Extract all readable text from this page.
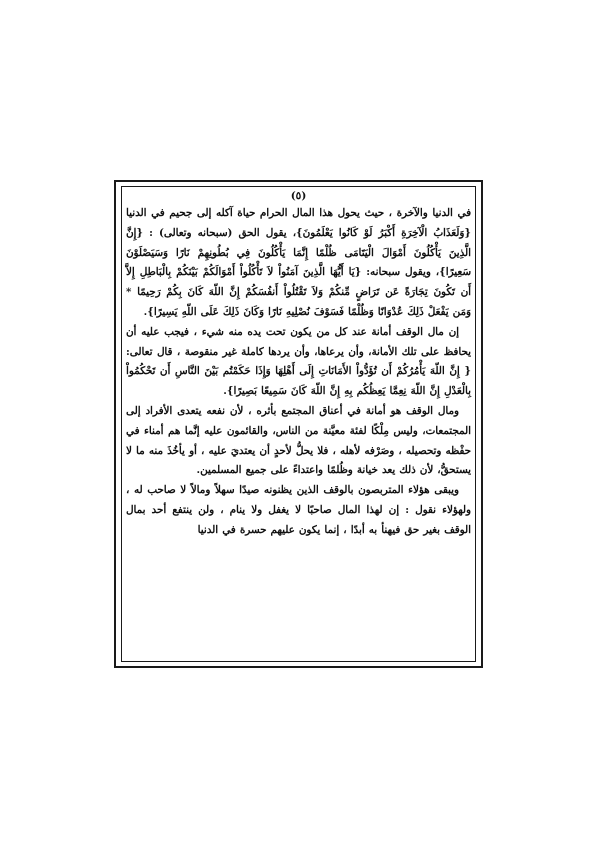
(٥)

في الدنيا والآخرة ، حيث يحول هذا المال الحرام حياة آكله إلى جحيم في الدنيا {وَلَعَذَابُ الْآخِرَةِ أَكْبَرُ لَوْ كَانُوا يَعْلَمُونَ}، يقول الحق (سبحانه وتعالى) : {إِنَّ الَّذِينَ يَأْكُلُونَ أَمْوَالَ الْيَتَامَى ظُلْمًا إِنَّمَا يَأْكُلُونَ فِي بُطُونِهِمْ نَارًا وَسَيَصْلَوْنَ سَعِيرًا}، ويقول سبحانه: {يَا أَيُّهَا الَّذِينَ آمَنُواْ لاَ تَأْكُلُواْ أَمْوَالَكُمْ بَيْنَكُمْ بِالْبَاطِلِ إِلاَّ أَن تَكُونَ تِجَارَةً عَن تَرَاضٍ مِّنكُمْ وَلاَ تَقْتُلُواْ أَنفُسَكُمْ إِنَّ اللّهَ كَانَ بِكُمْ رَحِيمًا * وَمَن يَفْعَلْ ذَلِكَ عُدْوَانًا وَظُلْمًا فَسَوْفَ نُصْلِيهِ نَارًا وَكَانَ ذَلِكَ عَلَى اللّهِ يَسِيرًا}.

إن مال الوقف أمانة عند كل من يكون تحت يده منه شيء ، فيجب عليه أن يحافظ على تلك الأمانة، وأن يرعاها، وأن يردها كاملة غير منقوصة ، قال تعالى: { إِنَّ اللّهَ يَأْمُرُكُمْ أَن تُؤَدُّواْ الأَمَانَاتِ إِلَى أَهْلِهَا وَإِذَا حَكَمْتُم بَيْنَ النَّاسِ أَن تَحْكُمُواْ بِالْعَدْلِ إِنَّ اللّهَ نِعِمَّا يَعِظُكُم بِهِ إِنَّ اللّهَ كَانَ سَمِيعًا بَصِيرًا}.

ومال الوقف هو أمانة في أعناق المجتمع بأثره ، لأن نفعه يتعدى الأفراد إلى المجتمعات، وليس مِلْكًا لفئة معيَّنة من الناس، والقائمون عليه إنَّما هم أمناء في حفْظه وتحصيله ، وصَرْفه لأهله ، فلا يحلُّ لأحدٍ أن يعتديَ عليه ، أو يأخُذَ منه ما لا يستحقُّ، لأن ذلك يعد خيانة وظُلمًا واعتداءً على جميع المسلمين.

ويبقى هؤلاء المتربصون بالوقف الذين يظنونه صيدًا سهلاً ومالاً لا صاحب له ، ولهؤلاء نقول : إن لهذا المال صاحبًا لا يغفل ولا ينام ، ولن ينتفع أحد بمال الوقف بغير حق فيهنأ به أبدًا ، إنما يكون عليهم حسرة في الدنيا
